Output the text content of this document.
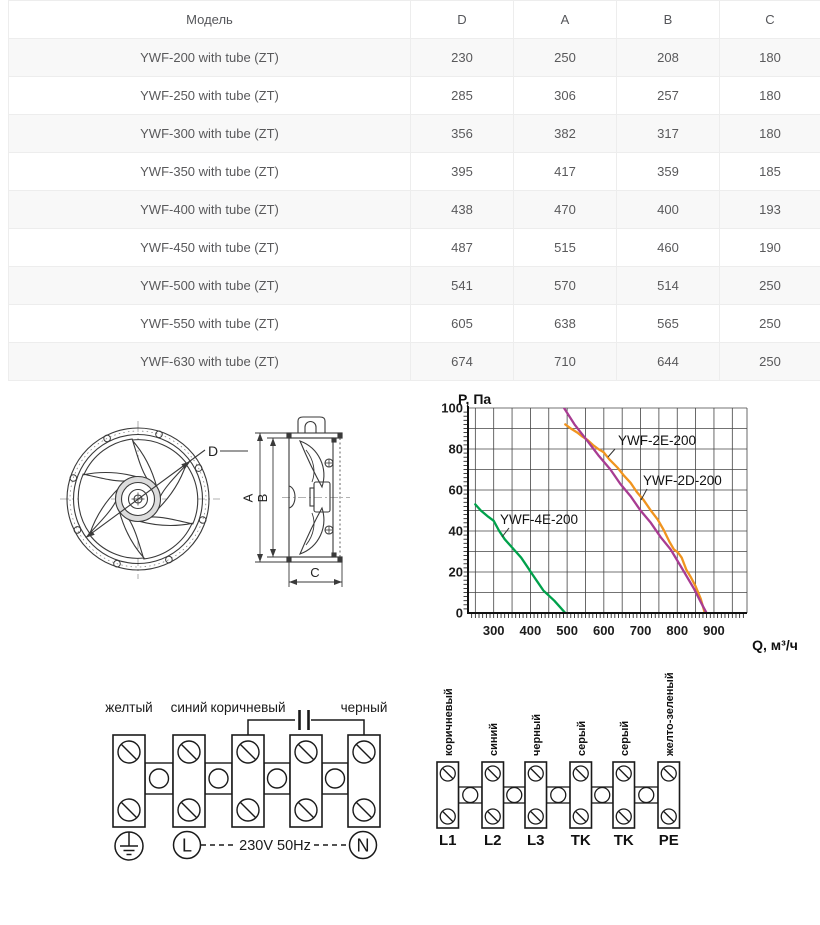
Модель	D	A	B	C
YWF-200 with tube (ZT)	230	250	208	180
YWF-250 with tube (ZT)	285	306	257	180
YWF-300 with tube (ZT)	356	382	317	180
YWF-350 with tube (ZT)	395	417	359	185
YWF-400 with tube (ZT)	438	470	400	193
YWF-450 with tube (ZT)	487	515	460	190
YWF-500 with tube (ZT)	541	570	514	250
YWF-550 with tube (ZT)	605	638	565	250
YWF-630 with tube (ZT)	674	710	644	250
D
A B
C
300 400 500 600 700 800 900
0
20
40
60
80
100
P, Па
Q, м³/ч
YWF-2E-200
YWF-2D-200
YWF-4E-200
желтый синий коричневый	черный
L	N
230V 50Hz
коричневый
L1
синий
L2
черный
L3
серый
TK
серый
TK
желто-зеленый
PE
